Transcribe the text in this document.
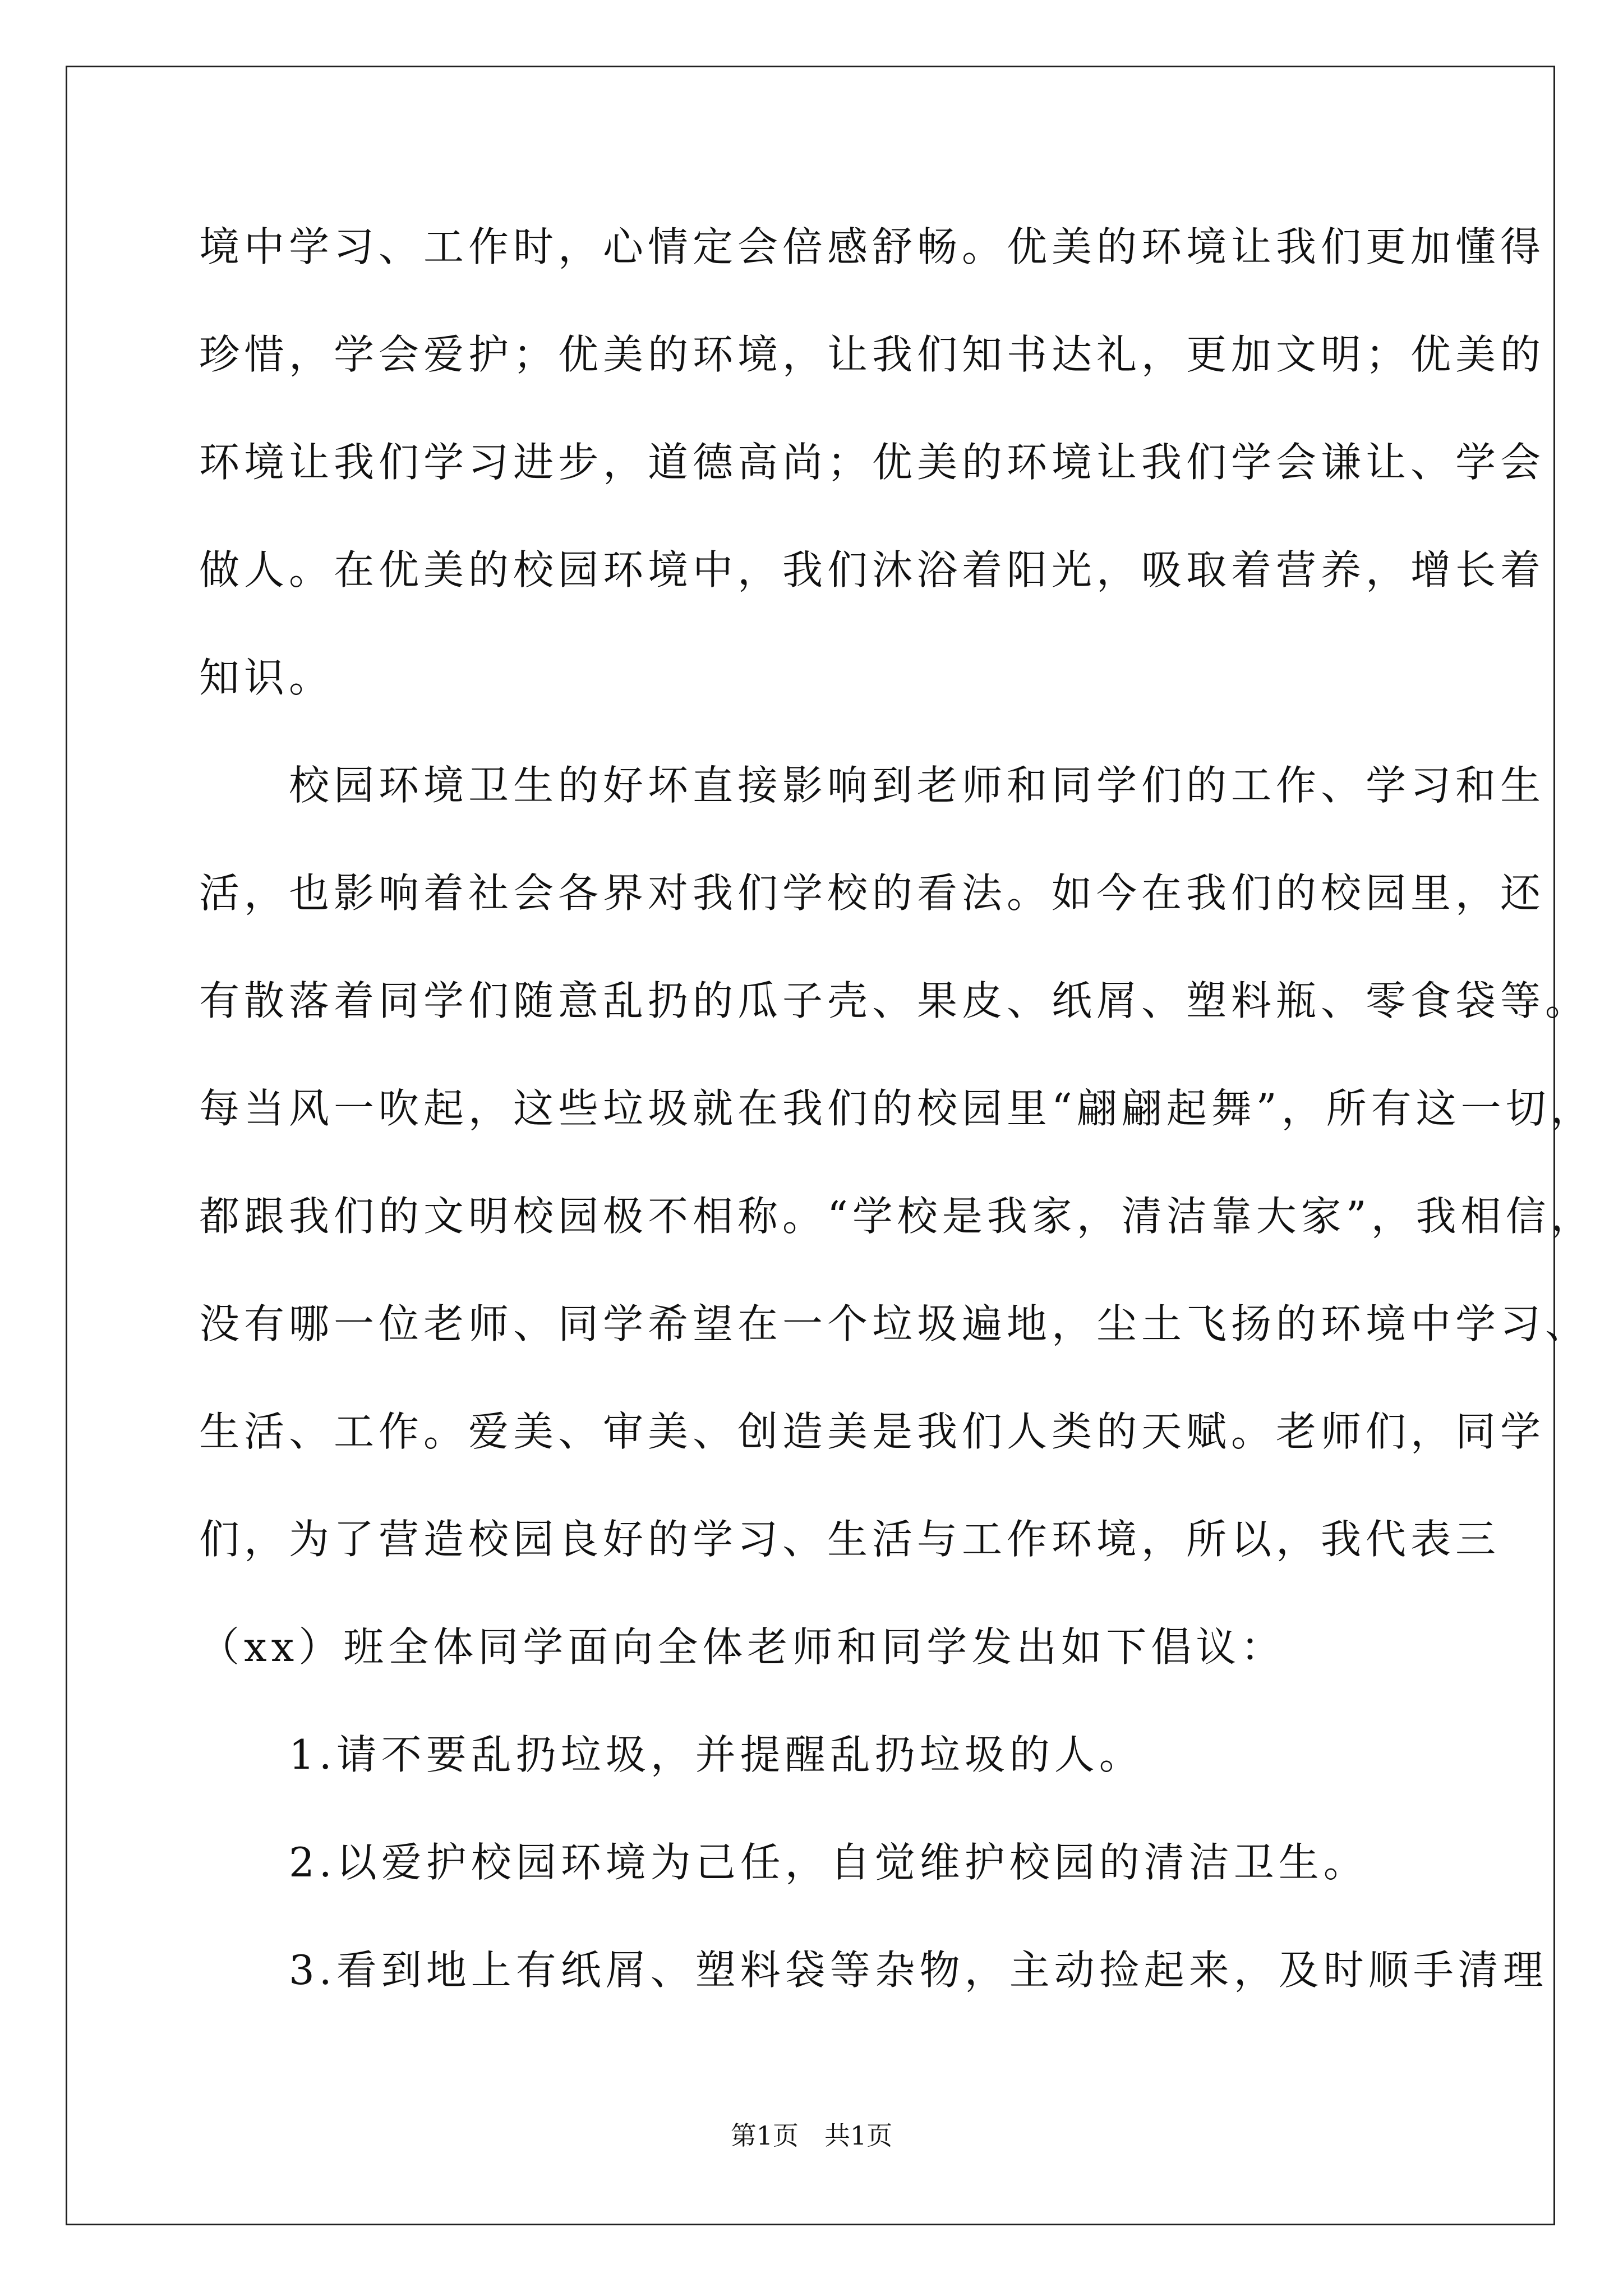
境中学习、工作时，心情定会倍感舒畅。优美的环境让我们更加懂得
珍惜，学会爱护；优美的环境，让我们知书达礼，更加文明；优美的
环境让我们学习进步，道德高尚；优美的环境让我们学会谦让、学会
做人。在优美的校园环境中，我们沐浴着阳光，吸取着营养，增长着
知识。
　　校园环境卫生的好坏直接影响到老师和同学们的工作、学习和生
活，也影响着社会各界对我们学校的看法。如今在我们的校园里，还
有散落着同学们随意乱扔的瓜子壳、果皮、纸屑、塑料瓶、零食袋等。
每当风一吹起，这些垃圾就在我们的校园里“翩翩起舞”，所有这一切，
都跟我们的文明校园极不相称。“学校是我家，清洁靠大家”，我相信，
没有哪一位老师、同学希望在一个垃圾遍地，尘土飞扬的环境中学习、
生活、工作。爱美、审美、创造美是我们人类的天赋。老师们，同学
们，为了营造校园良好的学习、生活与工作环境，所以，我代表三
（xx）班全体同学面向全体老师和同学发出如下倡议：
　　1.请不要乱扔垃圾，并提醒乱扔垃圾的人。
　　2.以爱护校园环境为己任，自觉维护校园的清洁卫生。
　　3.看到地上有纸屑、塑料袋等杂物，主动捡起来，及时顺手清理
第1页　共1页
